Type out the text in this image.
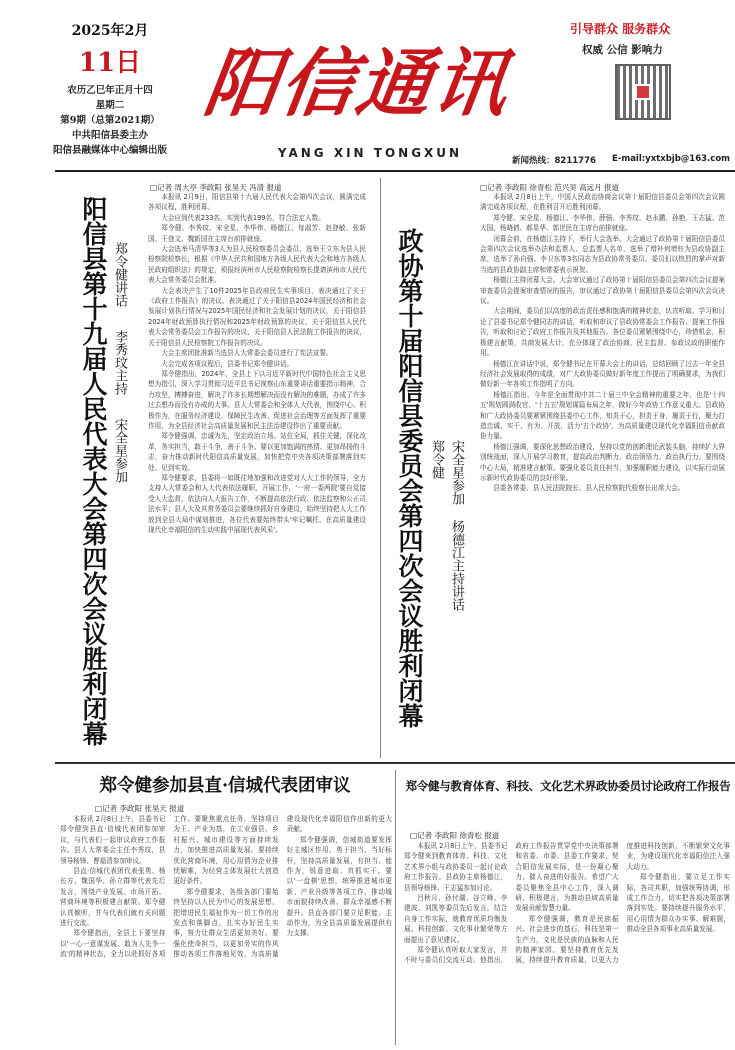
2025年2月
11日
农历乙巳年正月十四
星期二
第9期（总第2021期）
中共阳信县委主办
阳信县融媒体中心编辑出版
阳信通讯
YANG XIN TONGXUN
引导群众 服务群众
权威 公信 影响力
新闻热线：8211776	E-mail:yxtxbjb@163.com
阳信县第十九届人民代表大会第四次会议胜利闭幕 郑令健讲话
李秀玟主持
宋全星参加
□记者 周大亭 李政阳 张昊天 冯清 报道

本报讯 2月9日，阳信县第十九届人民代表大会第四次会议，圆满完成各项议程，胜利闭幕。

大会应到代表233名，实到代表199名，符合法定人数。

郑令健、李秀玟、宋全星、李华伟、杨德江、每淑芳、赵登敏、张新国、王登文、魏新国在主席台前排就座。

大会选举马清华等3人为县人民检察委员会委员，选举王立东为县人民检察院检察长，根据《中华人民共和国地方各级人民代表大会和地方各级人民政府组织法》的规定，须报经滨州市人民检察院检察长提请滨州市人民代表大会常务委员会批准。

大会表决产生了10件2025年县政府民生实事项目，表决通过了关于《政府工作报告》的决议、表决通过了关于阳信县2024年国民经济和社会发展计划执行情况与2025年国民经济和社会发展计划的决议，关于阳信县2024年财政预算执行情况和2025年财政预算的决议，关于阳信县人民代表大会常务委员会工作报告的决议，关于阳信县人民法院工作报告的决议，关于阳信县人民检察院工作报告的决议。

大会主席团批准新当选县人大常委会委员进行了宪法宣誓。

大会完成各项议程后，县委书记郑令健讲话。

郑令健指出，2024年，全县上下以习近平新时代中国特色社会主义思想为指引，深入学习贯彻习近平总书记视察山东重要讲话重要指示精神，合力攻坚，搏搏奋进，解决了许多长期想解决而没有解决的难题，办成了许多过去想办而没有办成的大事。县人大常委会和全体人大代表，围绕中心、积极作为，在服务经济建设、保障民生改善、促进社会治理等方面发挥了重要作用，为全县经济社会高质量发展和民主法治建设作出了重要贡献。

郑令健强调，忠诚为先，坚定政治立场。站位全局，抓住关键，深化改革，务实担当，敢于斗争，善于斗争。要以更加饱满的热情、更加昂扬的斗志，奋力推动新时代阳信高质量发展，加快把党中央各项决策部署落到实处、见到实效。

郑令健要求，县委将一如既往地加强和改进党对人大工作的领导，全力支持人大常委会和人大代表依法履职，开展工作，'一府一委两院'要自觉接受人大监督，依法向人大报告工作，不断提高依法行政、依法监察和公正司法水平；县人大及其常务委员会要继续抓好自身建设，始终坚持把人大工作放到全县大局中谋划推进，各位代表要始终带头'牢记嘱托、在高质量建设现代化幸福阳信的生动实践中展现代表风采'。	政协第十届阳信县委员会第四次会议胜利闭幕 郑令健 宋全星参加
杨德江主持讲话
□记者 李政阳 徐青松 范兴昊 高远月 报道

本报讯 2月8日上午，中国人民政治协商会议第十届阳信县委员会第四次会议圆满完成各项议程，在胜利召开后胜利闭幕。

郑令健、宋全星、杨德江、李华伟、薛强、李秀玟、赵永鹏、孙艳、王志猛、范大国、杨晓倩、郝显华、郭世民在主席台前排就座。

闭幕会前，在杨德江主持下，举行大会选举。大会通过了政协第十届阳信县委员会第四次会议选举办法和监票人、总监票人名单，选举了增补何增钰为县政协副主席，选举了孙自强、李卫东等3名同志为县政协常务委员。委员们以热烈的掌声对新当选的县政协副主席和常委表示祝贺。

杨德江主持闭幕大会。大会审议通过了政协第十届阳信县委员会第四次会议提案审查委员会提案审查情况的报告，审议通过了政协第十届阳信县委员会第四次会议决议。

大会期间，委员们以高度的政治责任感和饱满的精神状态，认真听取、学习和讨论了县委书记郑令健同志的讲话，听取和审议了县政协常委会工作报告、提案工作报告，听取和讨论了政府工作报告及其他报告。各位委员紧紧围绕中心，珍惜机会，积极建言献策，共商发展大计，充分体现了政治协商、民主监督、参政议政的职能作用。

杨德江在讲话中说，郑令健书记在开幕大会上的讲话，总结回顾了过去一年全县经济社会发展取得的成绩，对广大政协委员做好新年度工作提出了明确要求，为我们做好新一年各项工作指明了方向。

杨德江指出，今年是全面贯彻中共二十届三中全会精神的重要之年，也是'十四五'规划圆满收官、'十五五'规划谋篇布局之年，做好今年政协工作意义重大。县政协和广大政协委员要紧紧围绕县委中心工作，知责于心，担责于身，履责于行，聚力打造忠诚、实干、有为、开放、活力'五个政协'，为高质量建设现代化幸福阳信贡献政协力量。

杨德江强调，要深化思想政治建设，坚持以党的创新理论武装头脑，持续扩大界别统战面，深入开展学习教育，提高政治判断力、政治领悟力、政治执行力。要围绕中心大局，精准建言献策。要强化委员责任担当，加强履职能力建设，以实际行动展示新时代政协委员的良好形象。

县委各常委、县人民法院院长、县人民检察院代检察长出席大会。

郑令健参加县直·信城代表团审议
□记者 李政阳 张昊天 报道

本报讯 2月8日上午，县委书记郑令健到县直·信城代表团参加审议，与代表们一起审议政府工作报告。县人大常委会主任李秀玟，县领导杨锋、曹福清参加审议。

县直·信城代表团代表张勇、杨长方、魏国华、孙立群等代表先后发言，围绕产业发展、市场开拓、营商环境等积极建言献策。郑令健认真倾听，并与代表们就有关问题进行交流。

郑令健指出，全县上下要坚持以'一心一意谋发展、敢为人先争一流'的精神状态，全力以赴抓好各项工作。要聚焦重点任务，坚持项目为王、产业为基，在工业强县、乡村振兴、城市建设等方面持续发力，加快推进高质量发展。要持续优化营商环境，用心用情为企业排忧解难，为经营主体发展壮大创造更好条件。

郑令健要求，各级各部门要始终坚持以人民为中心的发展思想，把增进民生福祉作为一切工作的出发点和落脚点，扎实办好民生实事，努力让群众生活更加美好。要强化使命担当，以更加务实的作风推动各项工作落地见效，为高质量建设现代化幸福阳信作出新的更大贡献。

郑令健强调，信城街道要发挥好主城区作用，勇于担当、当好标杆，坚持高质量发展，有担当、能作为，锐意进取、真抓实干。要以'一盘棋'思想，统筹推进城市更新、产业升级等各项工作，推动城市面貌持续改善、群众幸福感不断提升。县直各部门要立足职能、主动作为，为全县高质量发展提供有力支撑。

郑令健与教育体育、科技、文化艺术界政协委员讨论政府工作报告
□记者 李政阳 徐青松 报道

本报讯 2月8日上午，县委书记郑令健来到教育体育、科技、文化艺术界小组与政协委员一起讨论政府工作报告。县政协主席杨德江，县领导杨锋、王志猛参加讨论。

吕秋月、孙付湖、谷立峰、李建波、刘凯等委员先后发言，结合自身工作实际，就教育优质均衡发展、科技创新、文化事业繁荣等方面提出了意见建议。

郑令健认真听取大家发言，并不时与委员们交流互动。他指出，政府工作报告贯穿党中央决策部署和省委、市委、县委工作要求，契合阳信发展实际，是一份凝心聚力、催人奋进的好报告。希望广大委员聚焦全县中心工作，深入调研、积极建言，为推动县域高质量发展贡献智慧力量。

郑令健强调，教育是民族振兴、社会进步的基石，科技是第一生产力，文化是民族的血脉和人民的精神家园。要坚持教育优先发展，持续提升教育质量，以更大力度推进科技创新，不断繁荣文化事业，为建设现代化幸福阳信注入强大动力。

郑令健指出，要立足工作实际，各司其职，加强统筹协调，形成工作合力，切实把各项决策部署落到实处。要持续提升服务水平，用心用情为群众办实事、解难题，推动全县各项事业高质量发展。
